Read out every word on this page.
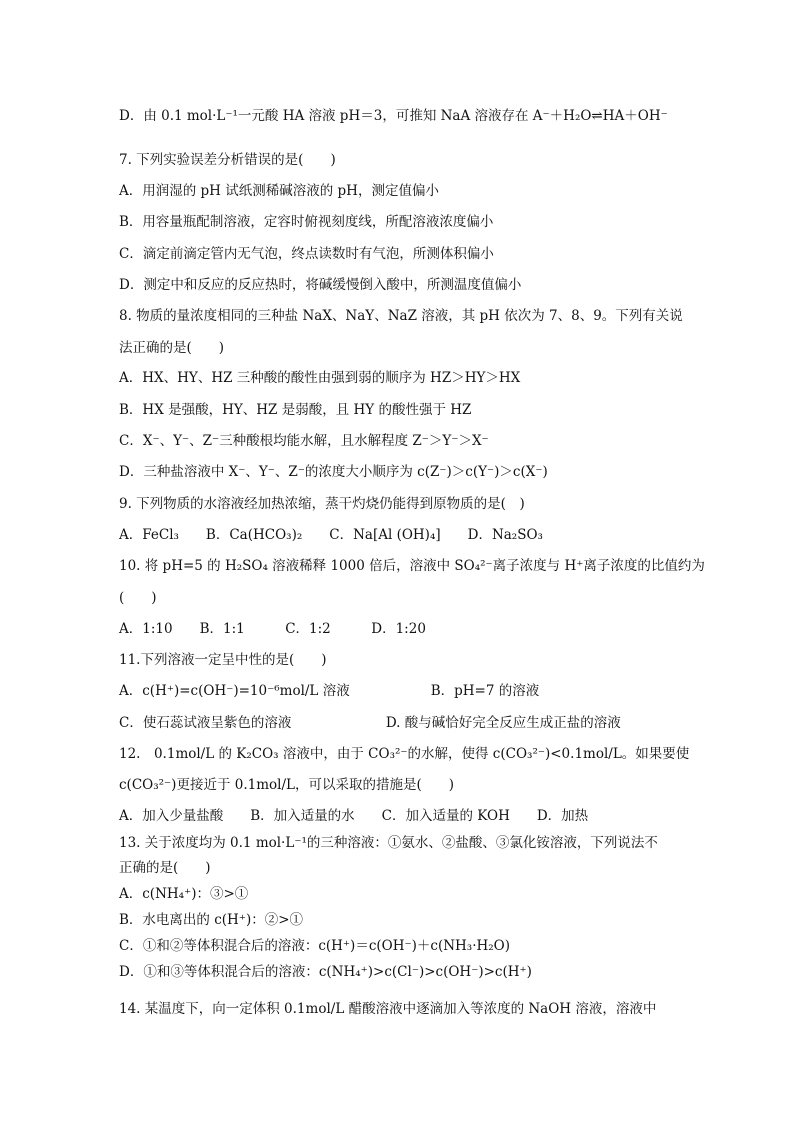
D．由 0.1 mol·L⁻¹一元酸 HA 溶液 pH＝3，可推知 NaA 溶液存在 A⁻＋H₂O⇌HA＋OH⁻
7. 下列实验误差分析错误的是(　　)
A．用润湿的 pH 试纸测稀碱溶液的 pH，测定值偏小
B．用容量瓶配制溶液，定容时俯视刻度线，所配溶液浓度偏小
C．滴定前滴定管内无气泡，终点读数时有气泡，所测体积偏小
D．测定中和反应的反应热时，将碱缓慢倒入酸中，所测温度值偏小
8. 物质的量浓度相同的三种盐 NaX、NaY、NaZ 溶液，其 pH 依次为 7、8、9。下列有关说
法正确的是(　　)
A．HX、HY、HZ 三种酸的酸性由强到弱的顺序为 HZ＞HY＞HX
B．HX 是强酸，HY、HZ 是弱酸，且 HY 的酸性强于 HZ
C．X⁻、Y⁻、Z⁻三种酸根均能水解，且水解程度 Z⁻＞Y⁻＞X⁻
D．三种盐溶液中 X⁻、Y⁻、Z⁻的浓度大小顺序为 c(Z⁻)＞c(Y⁻)＞c(X⁻)
9. 下列物质的水溶液经加热浓缩，蒸干灼烧仍能得到原物质的是(　)
A．FeCl₃　　B．Ca(HCO₃)₂　　C．Na[Al (OH)₄]　　D．Na₂SO₃
10. 将 pH=5 的 H₂SO₄ 溶液稀释 1000 倍后，溶液中 SO₄²⁻离子浓度与 H⁺离子浓度的比值约为
(　　)
A．1:10　　B．1:1　　　C．1:2　　　D．1:20
11.下列溶液一定呈中性的是(　　)
A．c(H⁺)=c(OH⁻)=10⁻⁶mol/L 溶液　　　　　　B．pH=7 的溶液
C．使石蕊试液呈紫色的溶液　　　　　　　D. 酸与碱恰好完全反应生成正盐的溶液
12.　0.1mol/L 的 K₂CO₃ 溶液中，由于 CO₃²⁻的水解，使得 c(CO₃²⁻)<0.1mol/L。如果要使
c(CO₃²⁻)更接近于 0.1mol/L，可以采取的措施是(　　)
A．加入少量盐酸　　B．加入适量的水　　C．加入适量的 KOH　　D．加热
13. 关于浓度均为 0.1 mol·L⁻¹的三种溶液：①氨水、②盐酸、③氯化铵溶液，下列说法不
正确的是(　　)
A．c(NH₄⁺)：③>①
B．水电离出的 c(H⁺)：②>①
C．①和②等体积混合后的溶液：c(H⁺)＝c(OH⁻)＋c(NH₃·H₂O)
D．①和③等体积混合后的溶液：c(NH₄⁺)>c(Cl⁻)>c(OH⁻)>c(H⁺)
14. 某温度下，向一定体积 0.1mol/L 醋酸溶液中逐滴加入等浓度的 NaOH 溶液，溶液中
